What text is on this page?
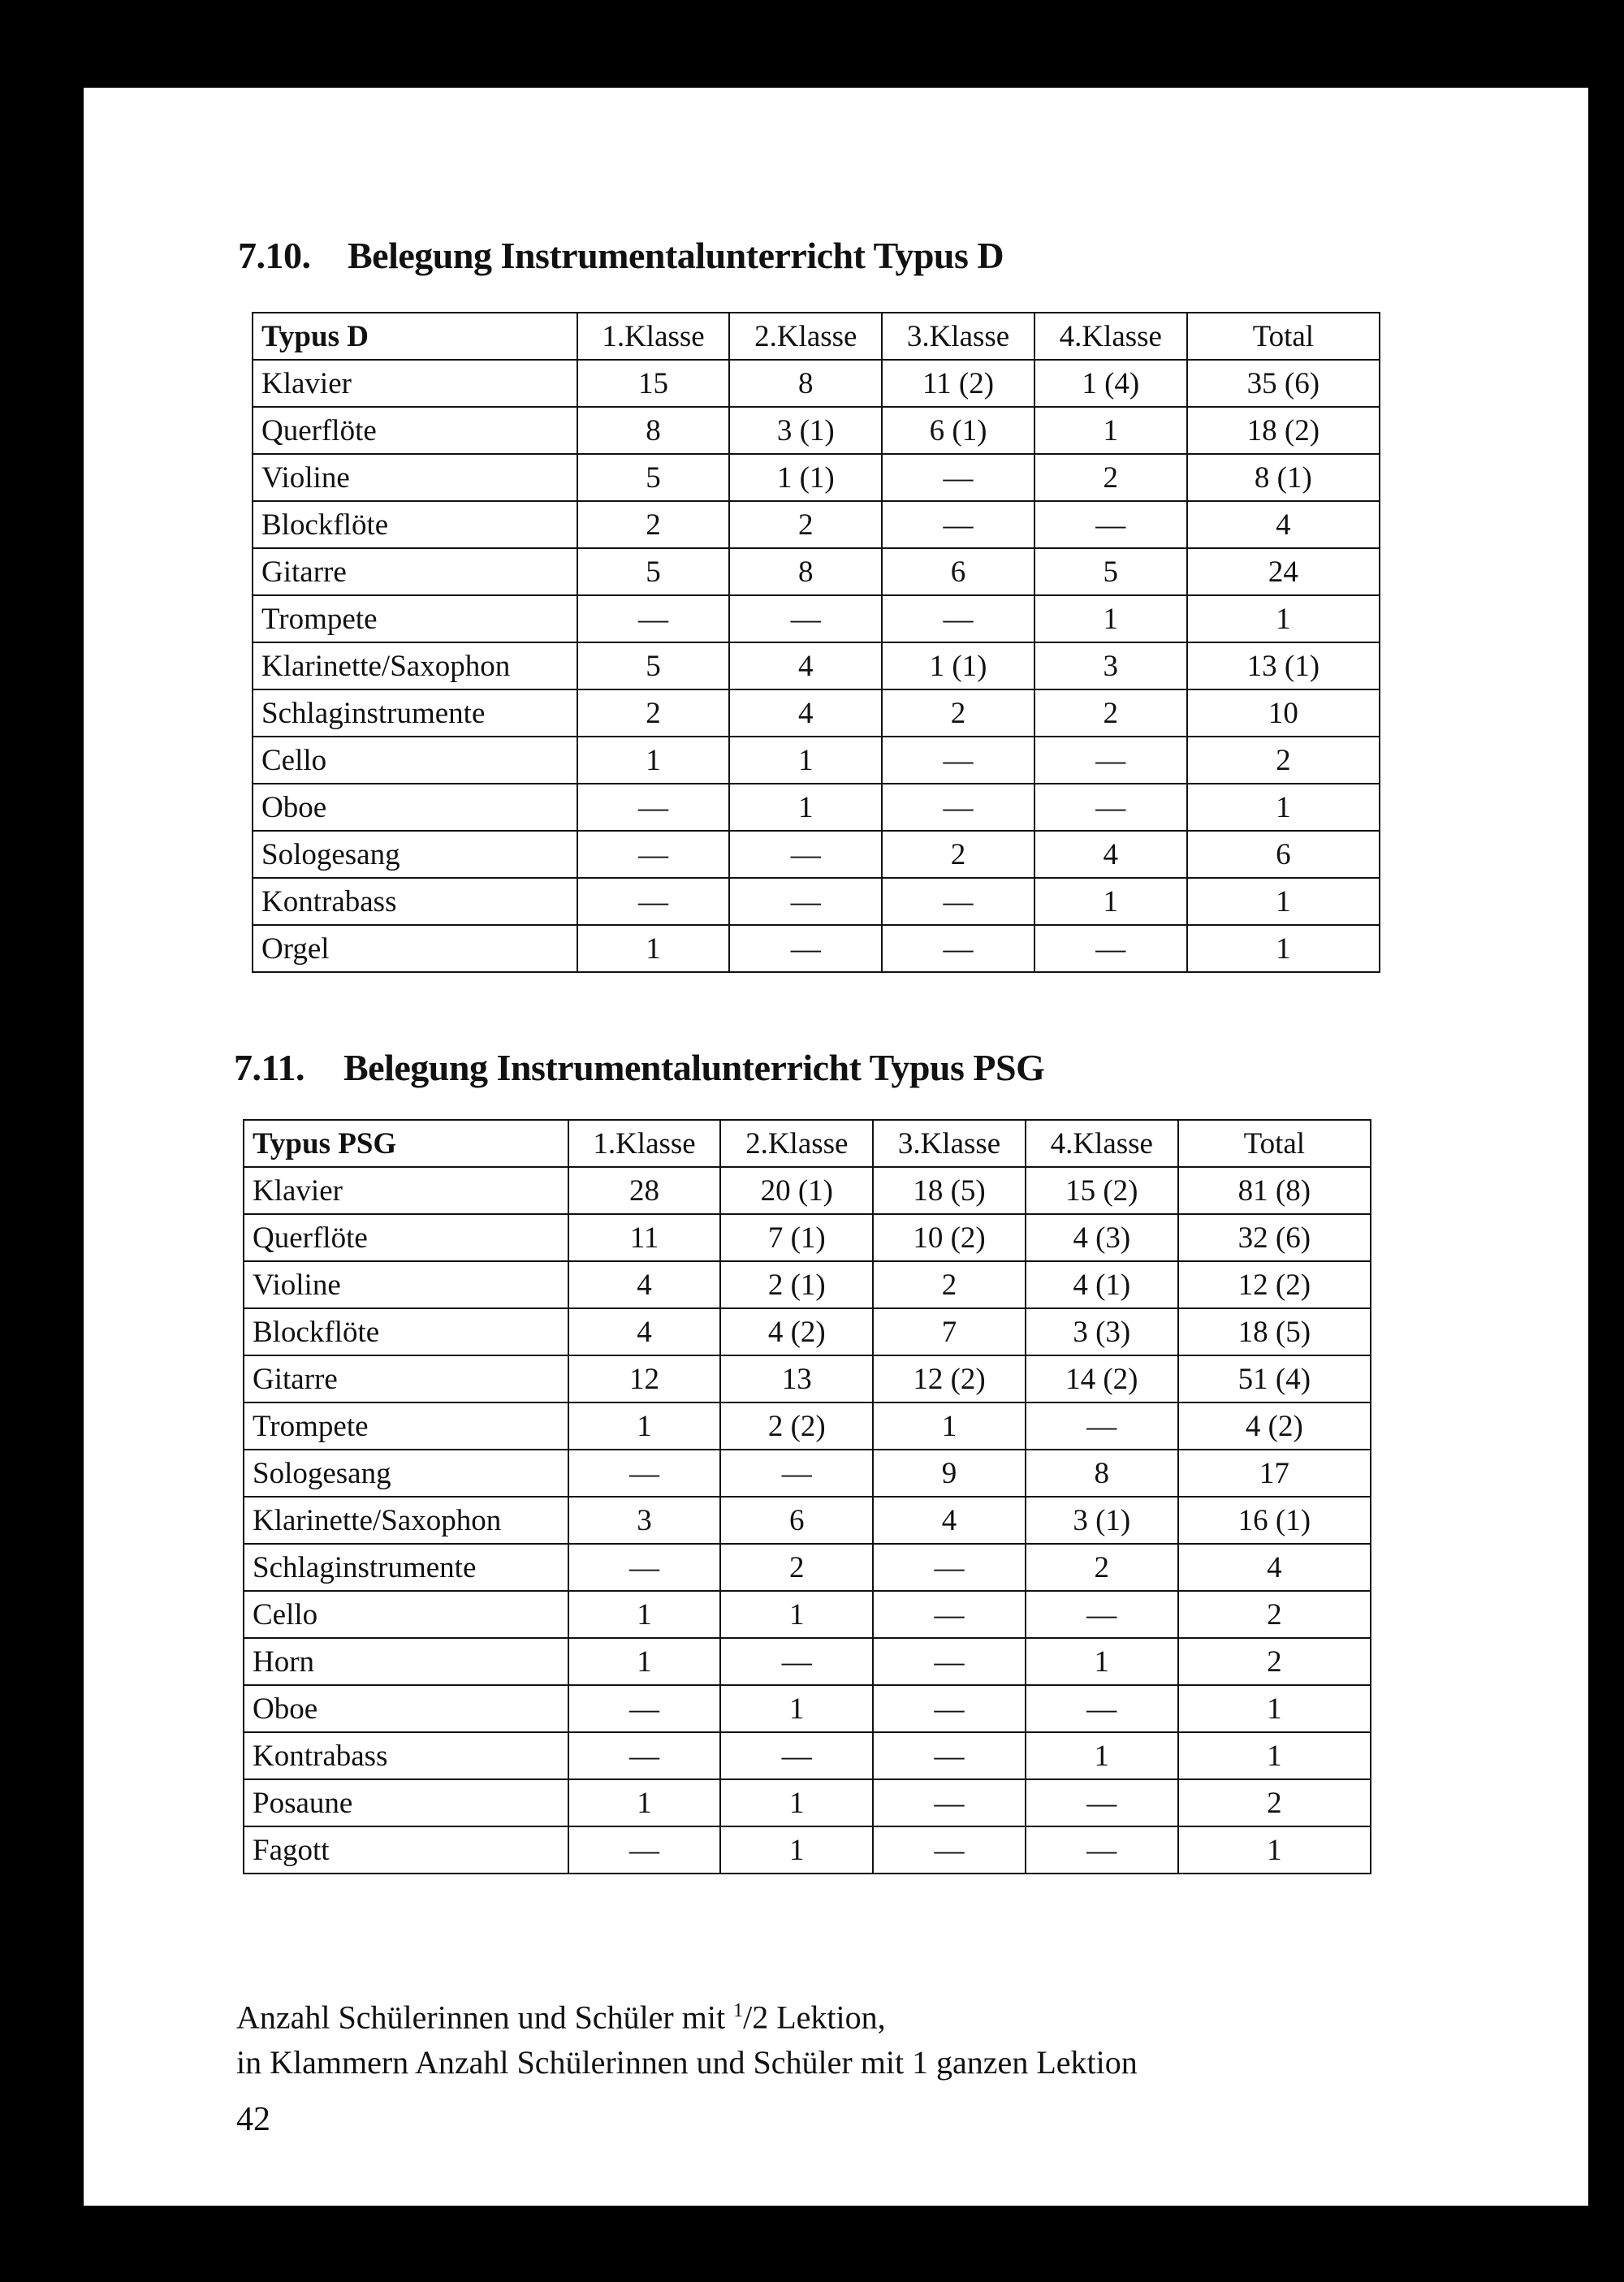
7.10. Belegung Instrumentalunterricht Typus D
Typus D	1.Klasse	2.Klasse	3.Klasse	4.Klasse	Total
Klavier	15	8	11 (2)	1 (4)	35 (6)
Querflöte	8	3 (1)	6 (1)	1	18 (2)
Violine	5	1 (1)	—	2	8 (1)
Blockflöte	2	2	—	—	4
Gitarre	5	8	6	5	24
Trompete	—	—	—	1	1
Klarinette/Saxophon	5	4	1 (1)	3	13 (1)
Schlaginstrumente	2	4	2	2	10
Cello	1	1	—	—	2
Oboe	—	1	—	—	1
Sologesang	—	—	2	4	6
Kontrabass	—	—	—	1	1
Orgel	1	—	—	—	1
7.11. Belegung Instrumentalunterricht Typus PSG
Typus PSG	1.Klasse	2.Klasse	3.Klasse	4.Klasse	Total
Klavier	28	20 (1)	18 (5)	15 (2)	81 (8)
Querflöte	11	7 (1)	10 (2)	4 (3)	32 (6)
Violine	4	2 (1)	2	4 (1)	12 (2)
Blockflöte	4	4 (2)	7	3 (3)	18 (5)
Gitarre	12	13	12 (2)	14 (2)	51 (4)
Trompete	1	2 (2)	1	—	4 (2)
Sologesang	—	—	9	8	17
Klarinette/Saxophon	3	6	4	3 (1)	16 (1)
Schlaginstrumente	—	2	—	2	4
Cello	1	1	—	—	2
Horn	1	—	—	1	2
Oboe	—	1	—	—	1
Kontrabass	—	—	—	1	1
Posaune	1	1	—	—	2
Fagott	—	1	—	—	1
Anzahl Schülerinnen und Schüler mit $^1$/2 Lektion,
in Klammern Anzahl Schülerinnen und Schüler mit 1 ganzen Lektion
42
